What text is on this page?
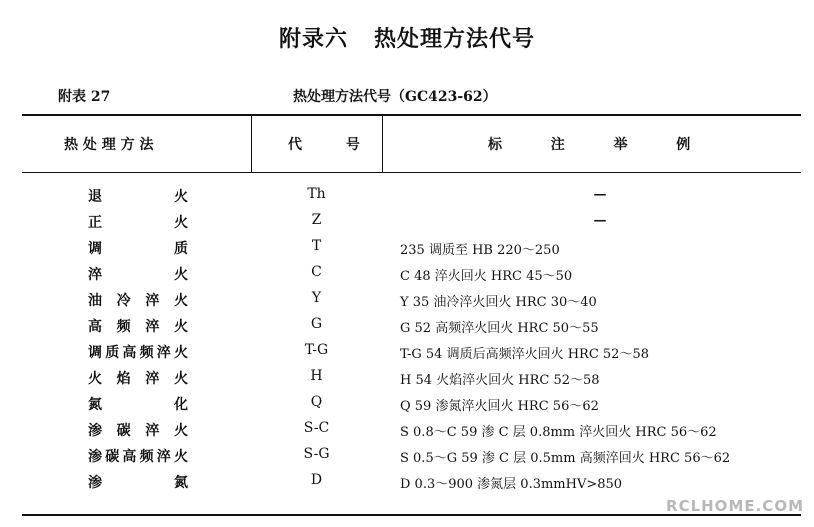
附录六   热处理方法代号
附表 27	热处理方法代号（GC423-62）
热 处 理 方 法	代         号	标          注          举          例
退火	Th	—
正火	Z	—
调质	T	235 调质至 HB 220～250
淬火	C	C 48 淬火回火 HRC 45～50
油冷淬火	Y	Y 35 油冷淬火回火 HRC 30～40
高频淬火	G	G 52 高频淬火回火 HRC 50～55
调质高频淬火	T-G	T-G 54 调质后高频淬火回火 HRC 52～58
火焰淬火	H	H 54 火焰淬火回火 HRC 52～58
氮化	Q	Q 59 渗氮淬火回火 HRC 56～62
渗碳淬火	S-C	S 0.8～C 59 渗 C 层 0.8mm 淬火回火 HRC 56～62
渗碳高频淬火	S-G	S 0.5～G 59 渗 C 层 0.5mm 高频淬回火 HRC 56～62
渗氮	D	D 0.3～900 渗氮层 0.3mmHV>850
RCLHOME.COM
